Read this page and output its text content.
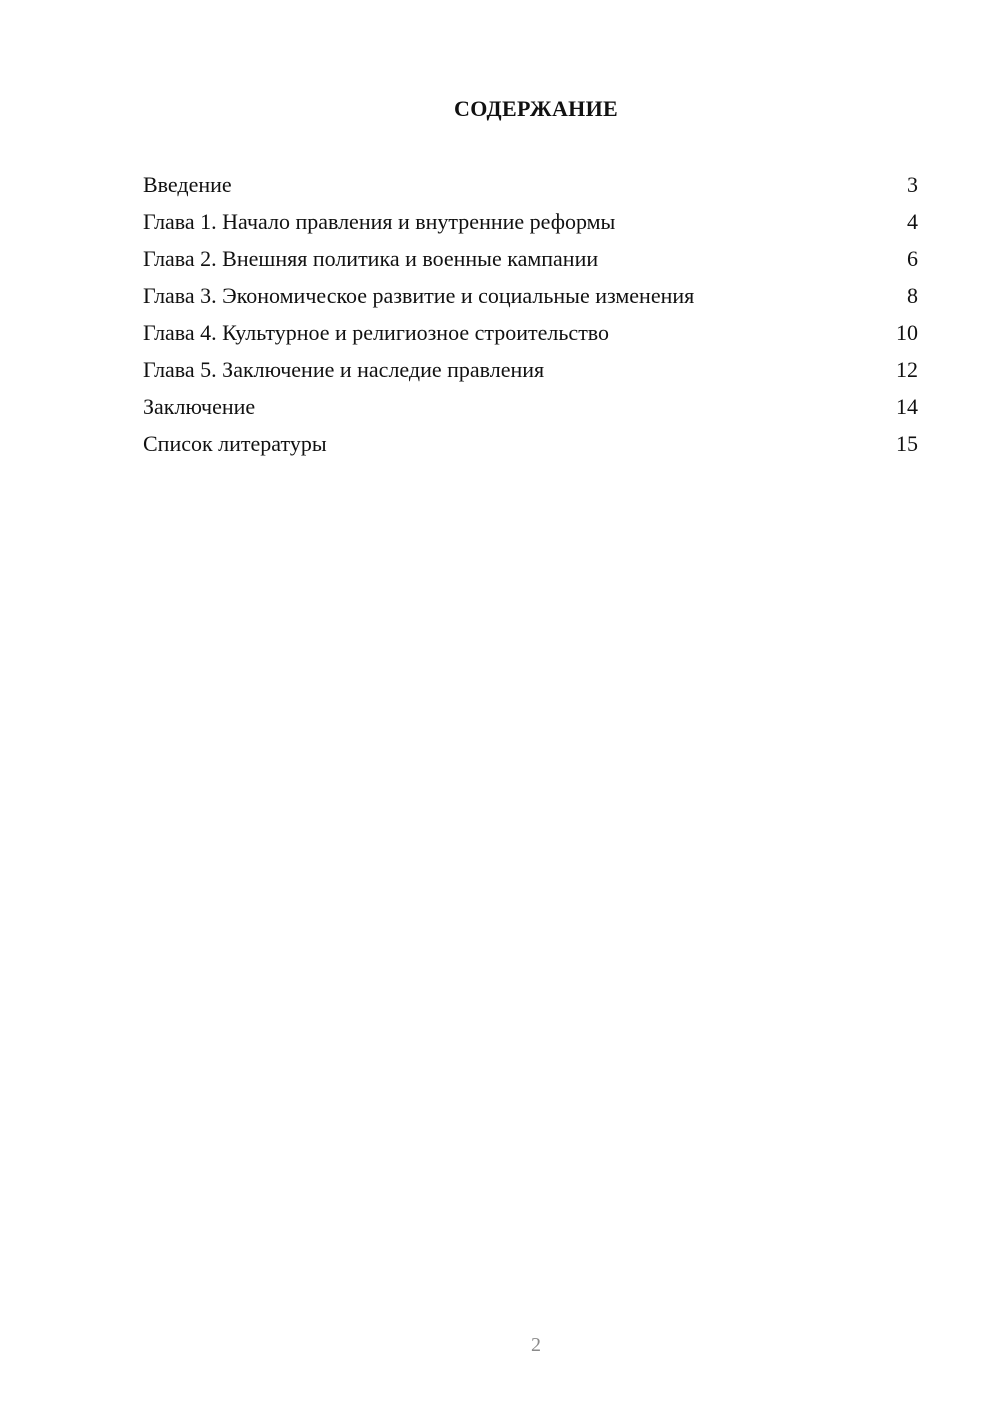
СОДЕРЖАНИЕ
Введение	3
Глава 1. Начало правления и внутренние реформы	4
Глава 2. Внешняя политика и военные кампании	6
Глава 3. Экономическое развитие и социальные изменения	8
Глава 4. Культурное и религиозное строительство	10
Глава 5. Заключение и наследие правления	12
Заключение	14
Список литературы	15
2
